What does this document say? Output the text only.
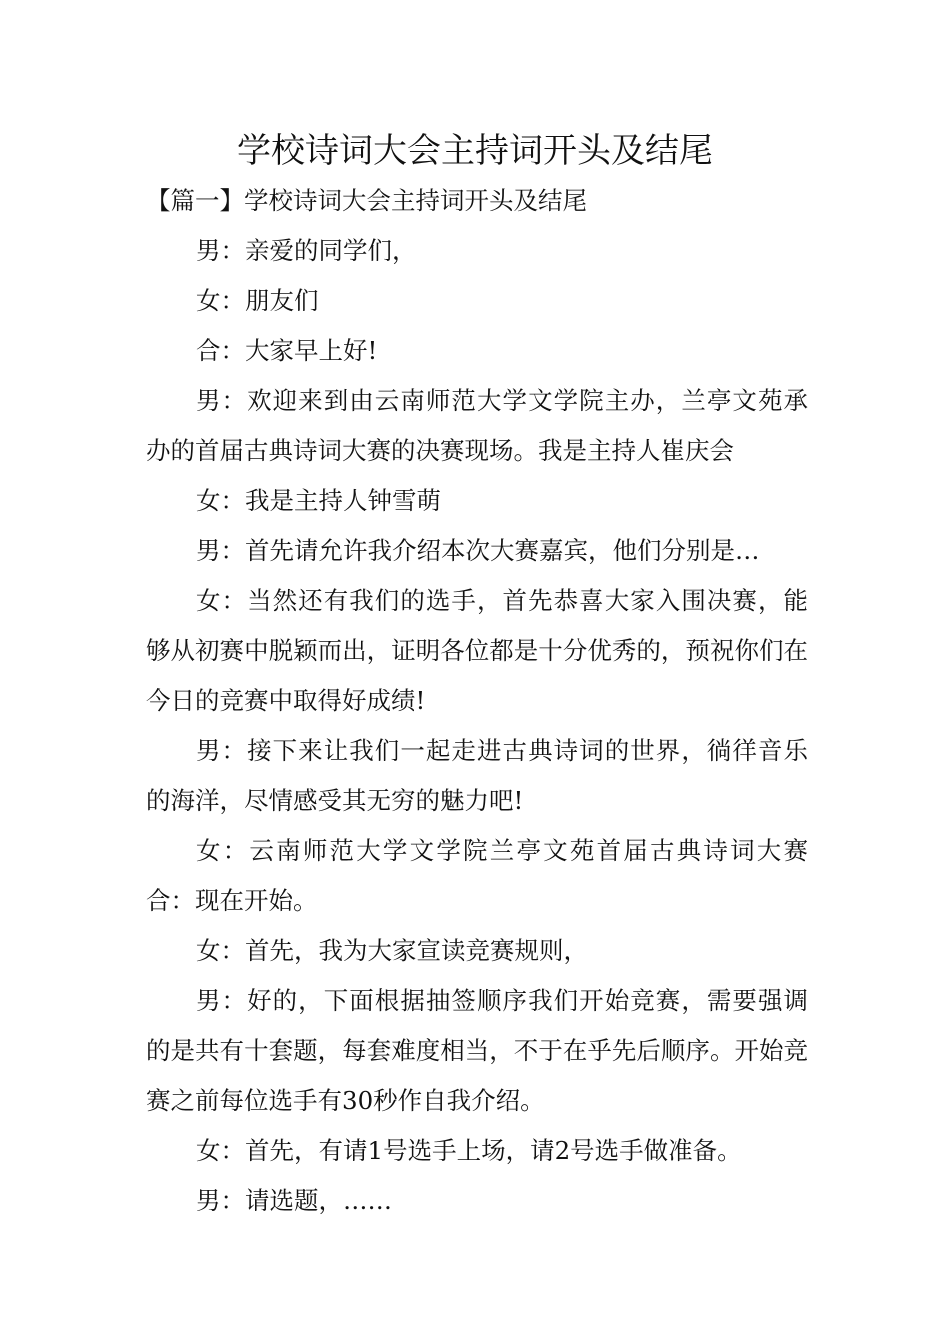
学校诗词大会主持词开头及结尾

【篇一】学校诗词大会主持词开头及结尾

男：亲爱的同学们，

女：朋友们

合：大家早上好!

男：欢迎来到由云南师范大学文学院主办，兰亭文苑承办的首届古典诗词大赛的决赛现场。我是主持人崔庆会

女：我是主持人钟雪萌

男：首先请允许我介绍本次大赛嘉宾，他们分别是…

女：当然还有我们的选手，首先恭喜大家入围决赛，能够从初赛中脱颖而出，证明各位都是十分优秀的，预祝你们在今日的竞赛中取得好成绩!

男：接下来让我们一起走进古典诗词的世界，徜徉音乐的海洋，尽情感受其无穷的魅力吧!

女：云南师范大学文学院兰亭文苑首届古典诗词大赛合：现在开始。

女：首先，我为大家宣读竞赛规则，

男：好的，下面根据抽签顺序我们开始竞赛，需要强调的是共有十套题，每套难度相当，不于在乎先后顺序。开始竞赛之前每位选手有30秒作自我介绍。

女：首先，有请1号选手上场，请2号选手做准备。

男：请选题，……
